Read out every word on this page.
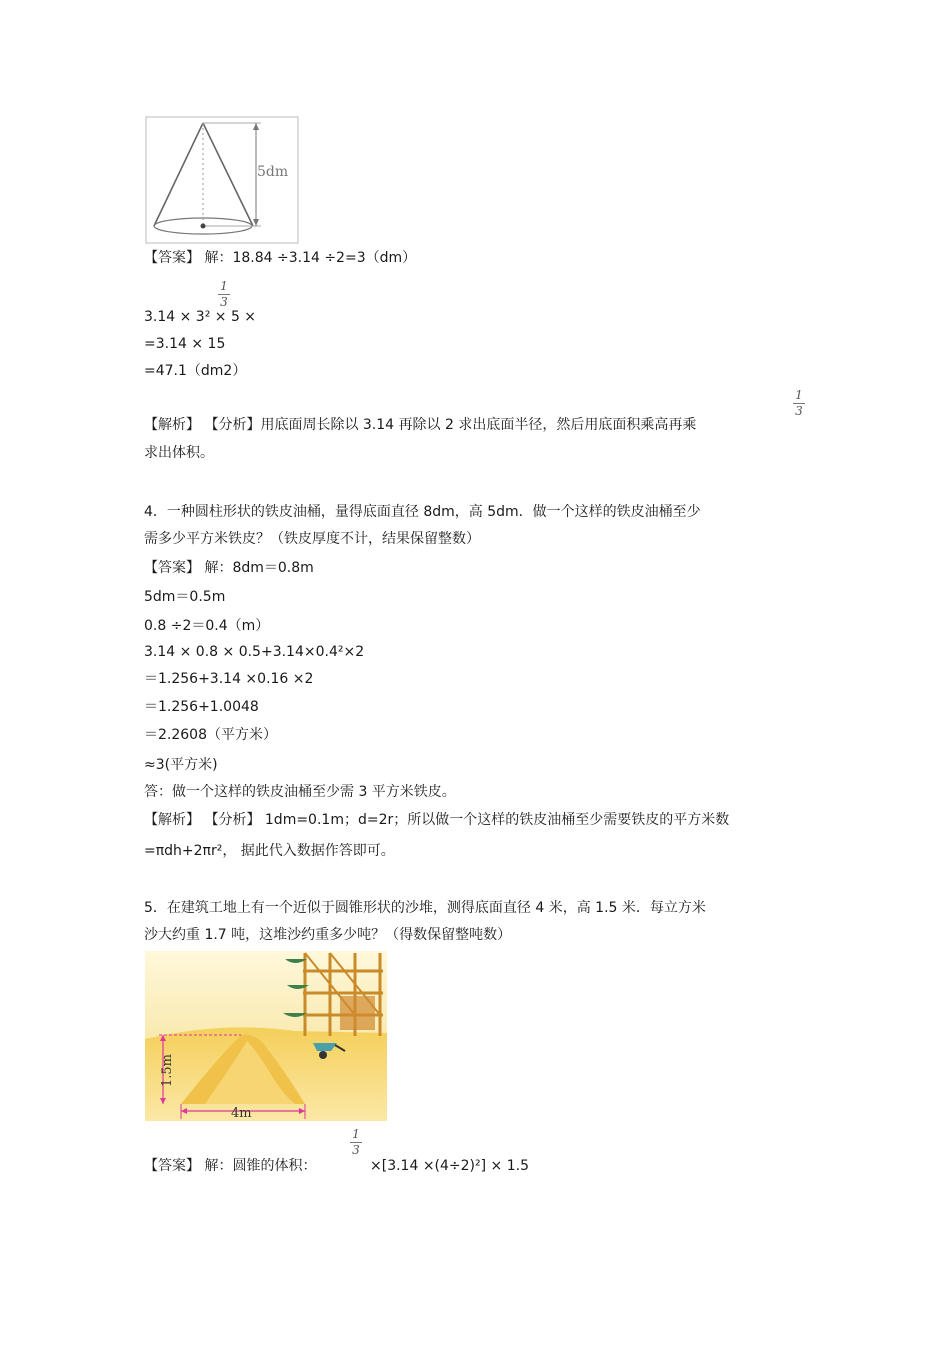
5dm
【答案】 解：18.84 ÷3.14 ÷2=3（dm）
1
3
3.14 × 3² × 5 ×
=3.14 × 15
=47.1（dm2）
【解析】 【分析】用底面周长除以 3.14 再除以 2 求出底面半径，然后用底面积乘高再乘
1
3
求出体积。
4．一种圆柱形状的铁皮油桶，量得底面直径 8dm，高 5dm．做一个这样的铁皮油桶至少
需多少平方米铁皮？（铁皮厚度不计，结果保留整数）
【答案】 解：8dm＝0.8m
5dm＝0.5m
0.8 ÷2＝0.4（m）
3.14 × 0.8 × 0.5+3.14×0.4²×2
＝1.256+3.14 ×0.16 ×2
＝1.256+1.0048
＝2.2608（平方米）
≈3(平方米)
答：做一个这样的铁皮油桶至少需 3 平方米铁皮。
【解析】 【分析】 1dm=0.1m；d=2r；所以做一个这样的铁皮油桶至少需要铁皮的平方米数
=πdh+2πr²， 据此代入数据作答即可。
5．在建筑工地上有一个近似于圆锥形状的沙堆，测得底面直径 4 米，高 1.5 米．每立方米
沙大约重 1.7 吨，这堆沙约重多少吨？（得数保留整吨数）
1.5m
4m
【答案】 解：圆锥的体积：
1
3
×[3.14 ×(4÷2)²] × 1.5
